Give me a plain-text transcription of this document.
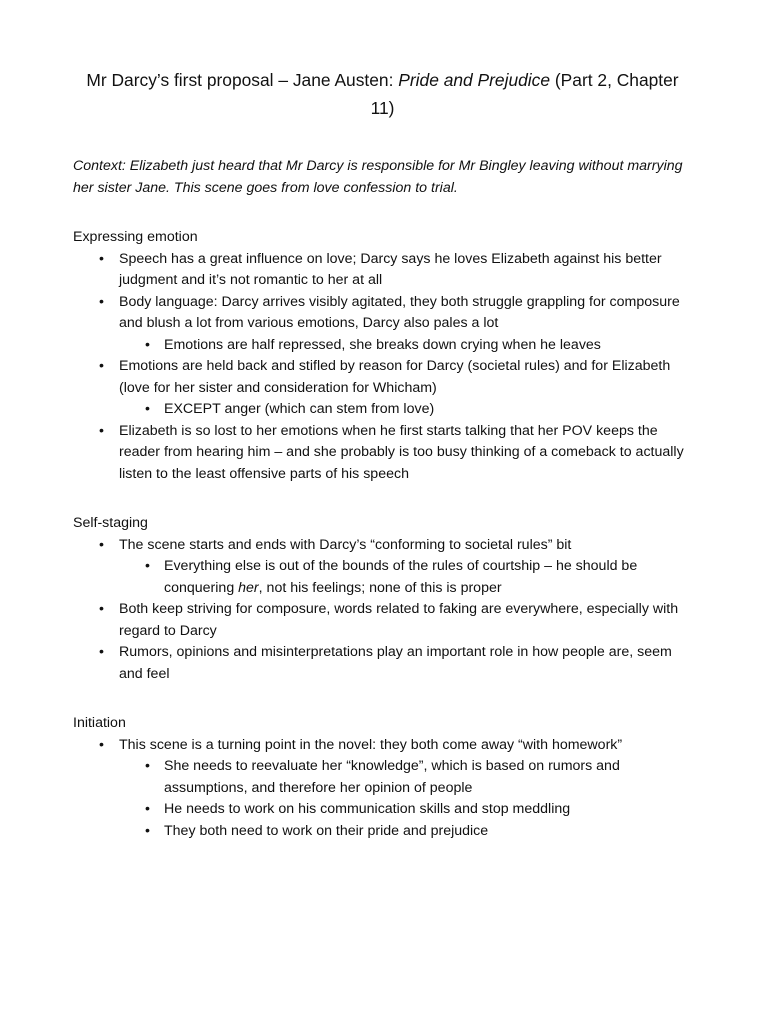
Mr Darcy’s first proposal – Jane Austen: Pride and Prejudice (Part 2, Chapter 11)

Context: Elizabeth just heard that Mr Darcy is responsible for Mr Bingley leaving without marrying her sister Jane. This scene goes from love confession to trial.

Expressing emotion

• Speech has a great influence on love; Darcy says he loves Elizabeth against his better judgment and it’s not romantic to her at all
• Body language: Darcy arrives visibly agitated, they both struggle grappling for composure and blush a lot from various emotions, Darcy also pales a lot
• Emotions are half repressed, she breaks down crying when he leaves
• Emotions are held back and stifled by reason for Darcy (societal rules) and for Elizabeth (love for her sister and consideration for Whicham)
• EXCEPT anger (which can stem from love)
• Elizabeth is so lost to her emotions when he first starts talking that her POV keeps the reader from hearing him – and she probably is too busy thinking of a comeback to actually listen to the least offensive parts of his speech

Self-staging

• The scene starts and ends with Darcy’s “conforming to societal rules” bit
• Everything else is out of the bounds of the rules of courtship – he should be conquering her, not his feelings; none of this is proper
• Both keep striving for composure, words related to faking are everywhere, especially with regard to Darcy
• Rumors, opinions and misinterpretations play an important role in how people are, seem and feel

Initiation

• This scene is a turning point in the novel: they both come away “with homework”
• She needs to reevaluate her “knowledge”, which is based on rumors and assumptions, and therefore her opinion of people
• He needs to work on his communication skills and stop meddling
• They both need to work on their pride and prejudice
